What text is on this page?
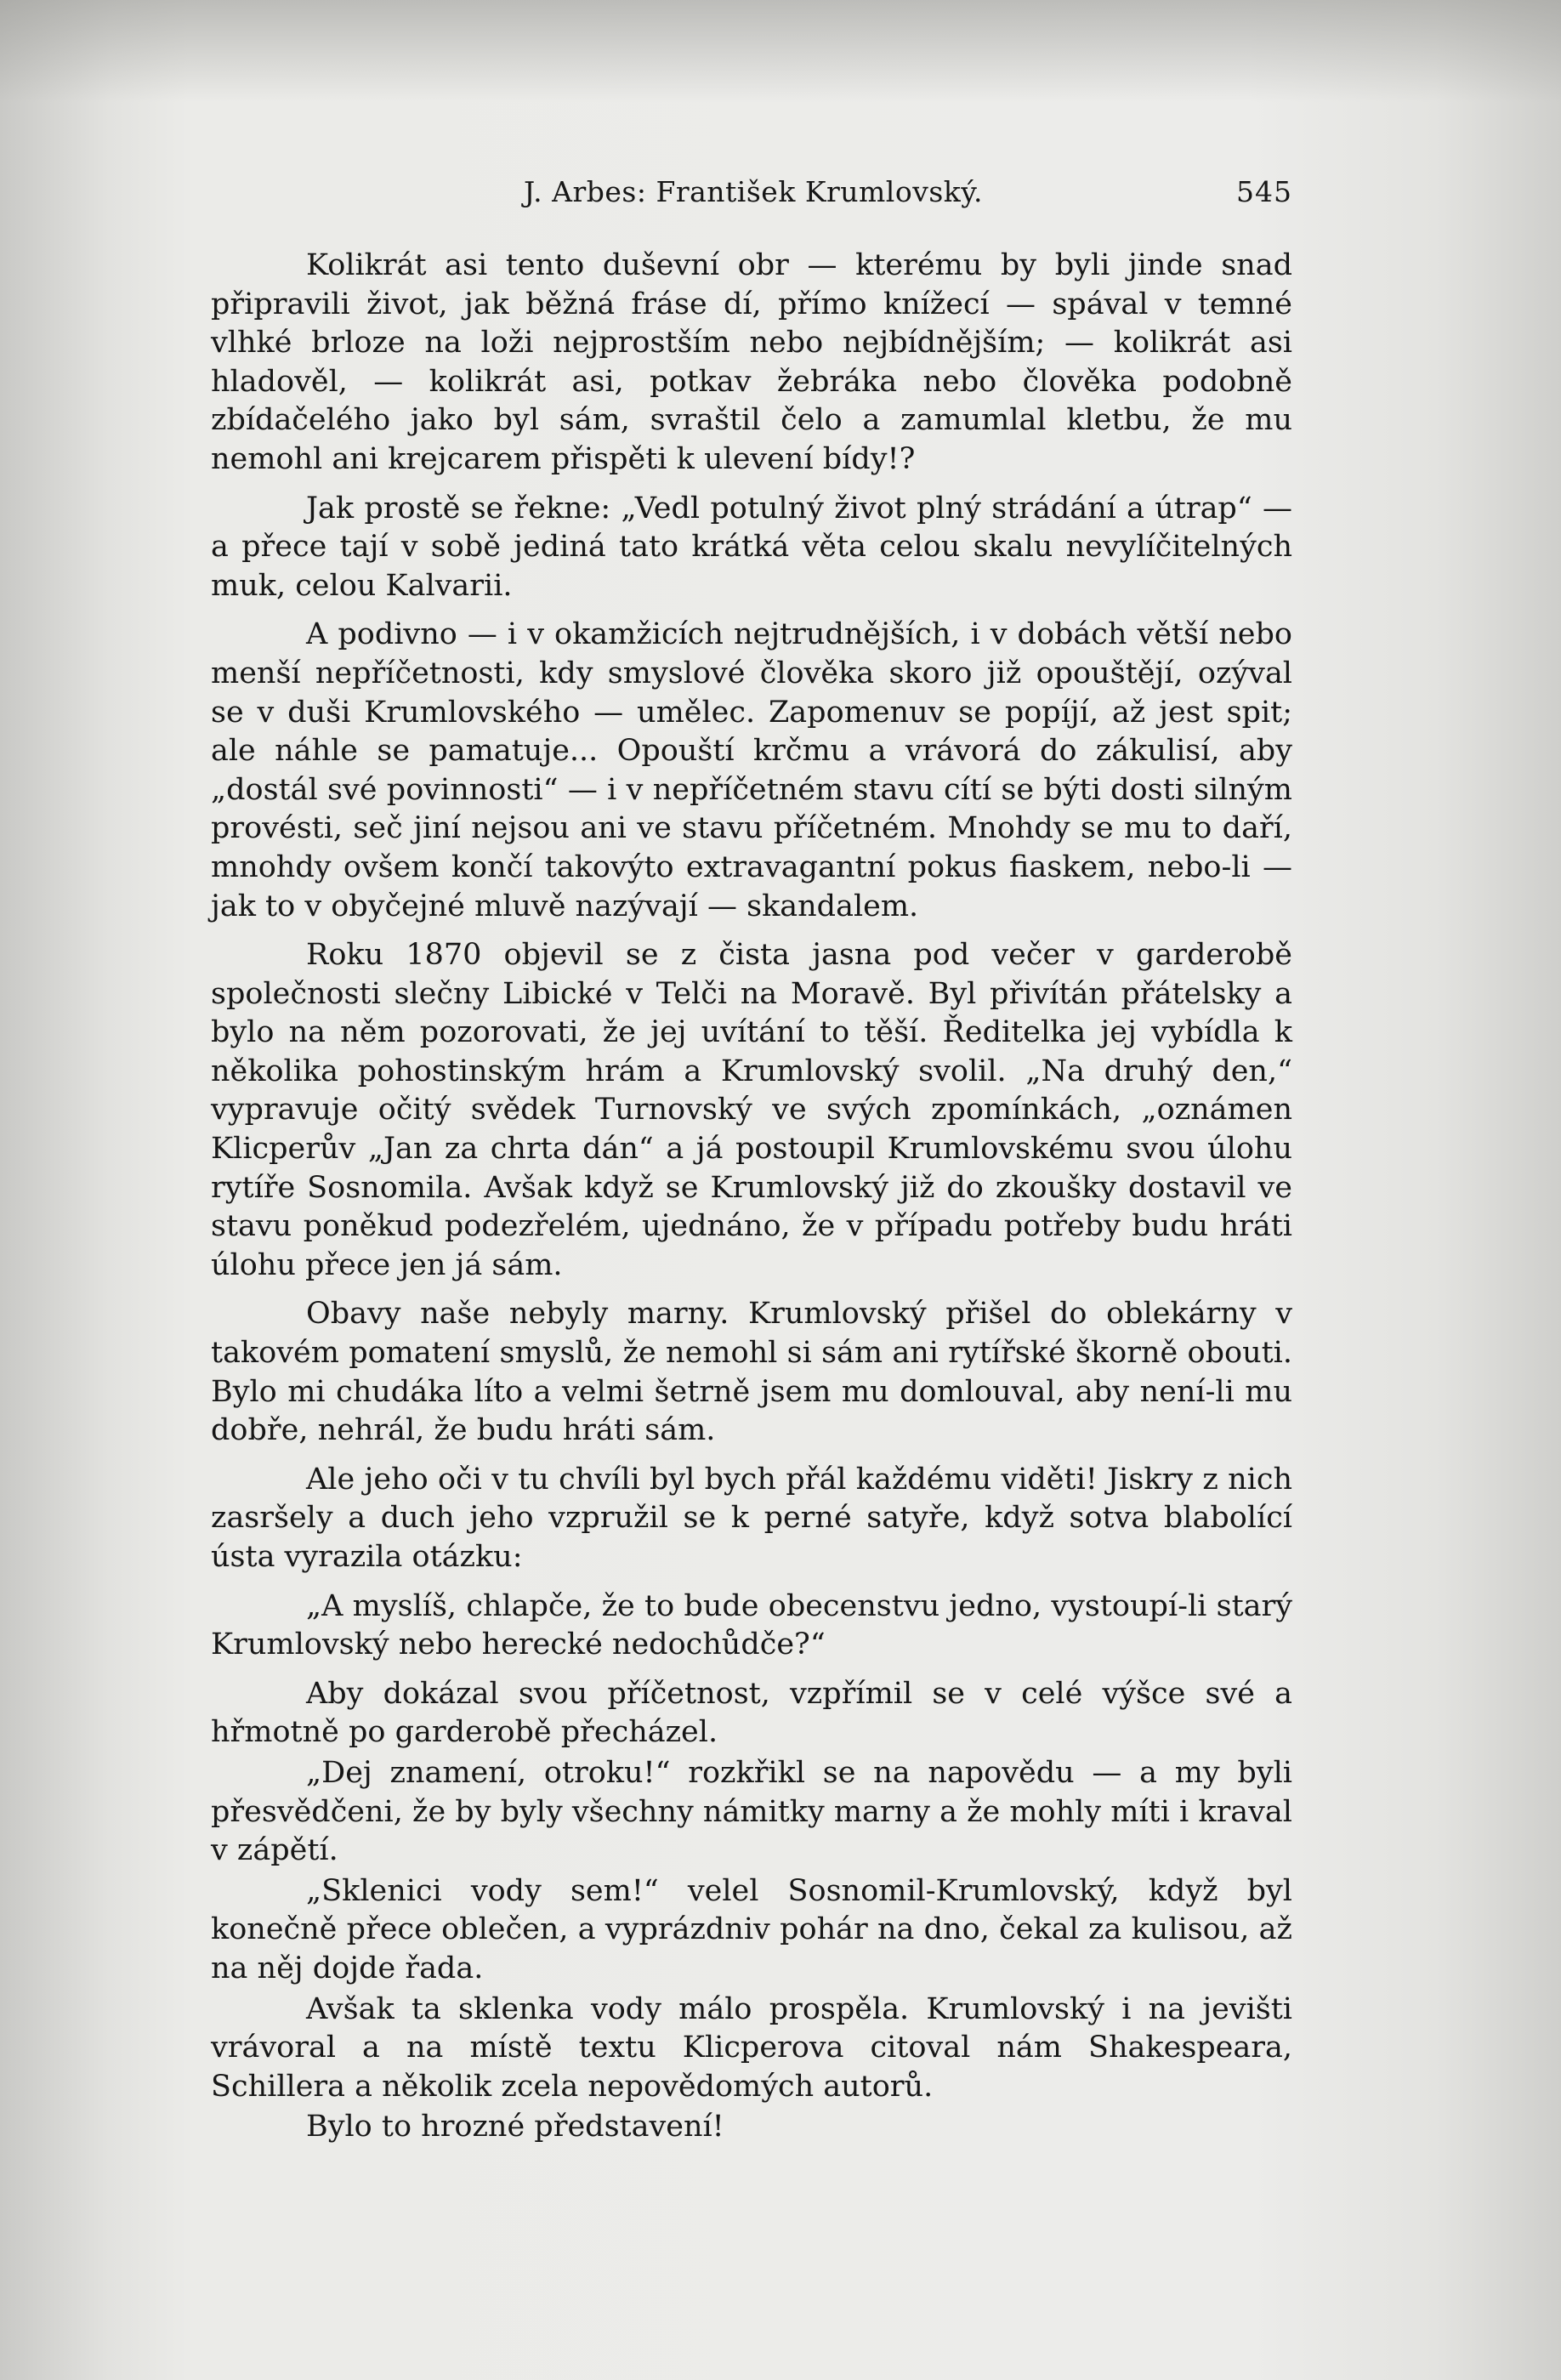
J. Arbes: František Krumlovský.	545

Kolikrát asi tento duševní obr — kterému by byli jinde snad připravili život, jak běžná fráse dí, přímo knížecí — spával v temné vlhké brloze na loži nejprostším nebo nejbídnějším; — kolikrát asi hladověl, — kolikrát asi, potkav žebráka nebo člověka podobně zbídačelého jako byl sám, svraštil čelo a zamumlal kletbu, že mu nemohl ani krejcarem přispěti k ulevení bídy!?

Jak prostě se řekne: „Vedl potulný život plný strádání a útrap“ — a přece tají v sobě jediná tato krátká věta celou skalu nevylíčitelných muk, celou Kalvarii.

A podivno — i v okamžicích nejtrudnějších, i v dobách větší nebo menší nepříčetnosti, kdy smyslové člověka skoro již opouštějí, ozýval se v duši Krumlovského — umělec. Zapomenuv se popíjí, až jest spit; ale náhle se pamatuje... Opouští krčmu a vrávorá do zákulisí, aby „dostál své povinnosti“ — i v nepříčetném stavu cítí se býti dosti silným provésti, seč jiní nejsou ani ve stavu příčetném. Mnohdy se mu to daří, mnohdy ovšem končí takovýto extravagantní pokus fiaskem, nebo-li — jak to v obyčejné mluvě nazývají — skandalem.

Roku 1870 objevil se z čista jasna pod večer v garderobě společnosti slečny Libické v Telči na Moravě. Byl přivítán přátelsky a bylo na něm pozorovati, že jej uvítání to těší. Ředitelka jej vybídla k několika pohostinským hrám a Krumlovský svolil. „Na druhý den,“ vypravuje očitý svědek Turnovský ve svých zpomínkách, „oznámen Klicperův „Jan za chrta dán“ a já postoupil Krumlovskému svou úlohu rytíře Sosnomila. Avšak když se Krumlovský již do zkoušky dostavil ve stavu poněkud podezřelém, ujednáno, že v případu potřeby budu hráti úlohu přece jen já sám.

Obavy naše nebyly marny. Krumlovský přišel do oblekárny v takovém pomatení smyslů, že nemohl si sám ani rytířské škorně obouti. Bylo mi chudáka líto a velmi šetrně jsem mu domlouval, aby není-li mu dobře, nehrál, že budu hráti sám.

Ale jeho oči v tu chvíli byl bych přál každému viděti! Jiskry z nich zasršely a duch jeho vzpružil se k perné satyře, když sotva blabolící ústa vyrazila otázku:

„A myslíš, chlapče, že to bude obecenstvu jedno, vystoupí-li starý Krumlovský nebo herecké nedochůdče?“

Aby dokázal svou příčetnost, vzpřímil se v celé výšce své a hřmotně po garderobě přecházel.

„Dej znamení, otroku!“ rozkřikl se na napovědu — a my byli přesvědčeni, že by byly všechny námitky marny a že mohly míti i kraval v zápětí.

„Sklenici vody sem!“ velel Sosnomil-Krumlovský, když byl konečně přece oblečen, a vyprázdniv pohár na dno, čekal za kulisou, až na něj dojde řada.

Avšak ta sklenka vody málo prospěla. Krumlovský i na jevišti vrávoral a na místě textu Klicperova citoval nám Shakespeara, Schillera a několik zcela nepovědomých autorů.

Bylo to hrozné představení!
